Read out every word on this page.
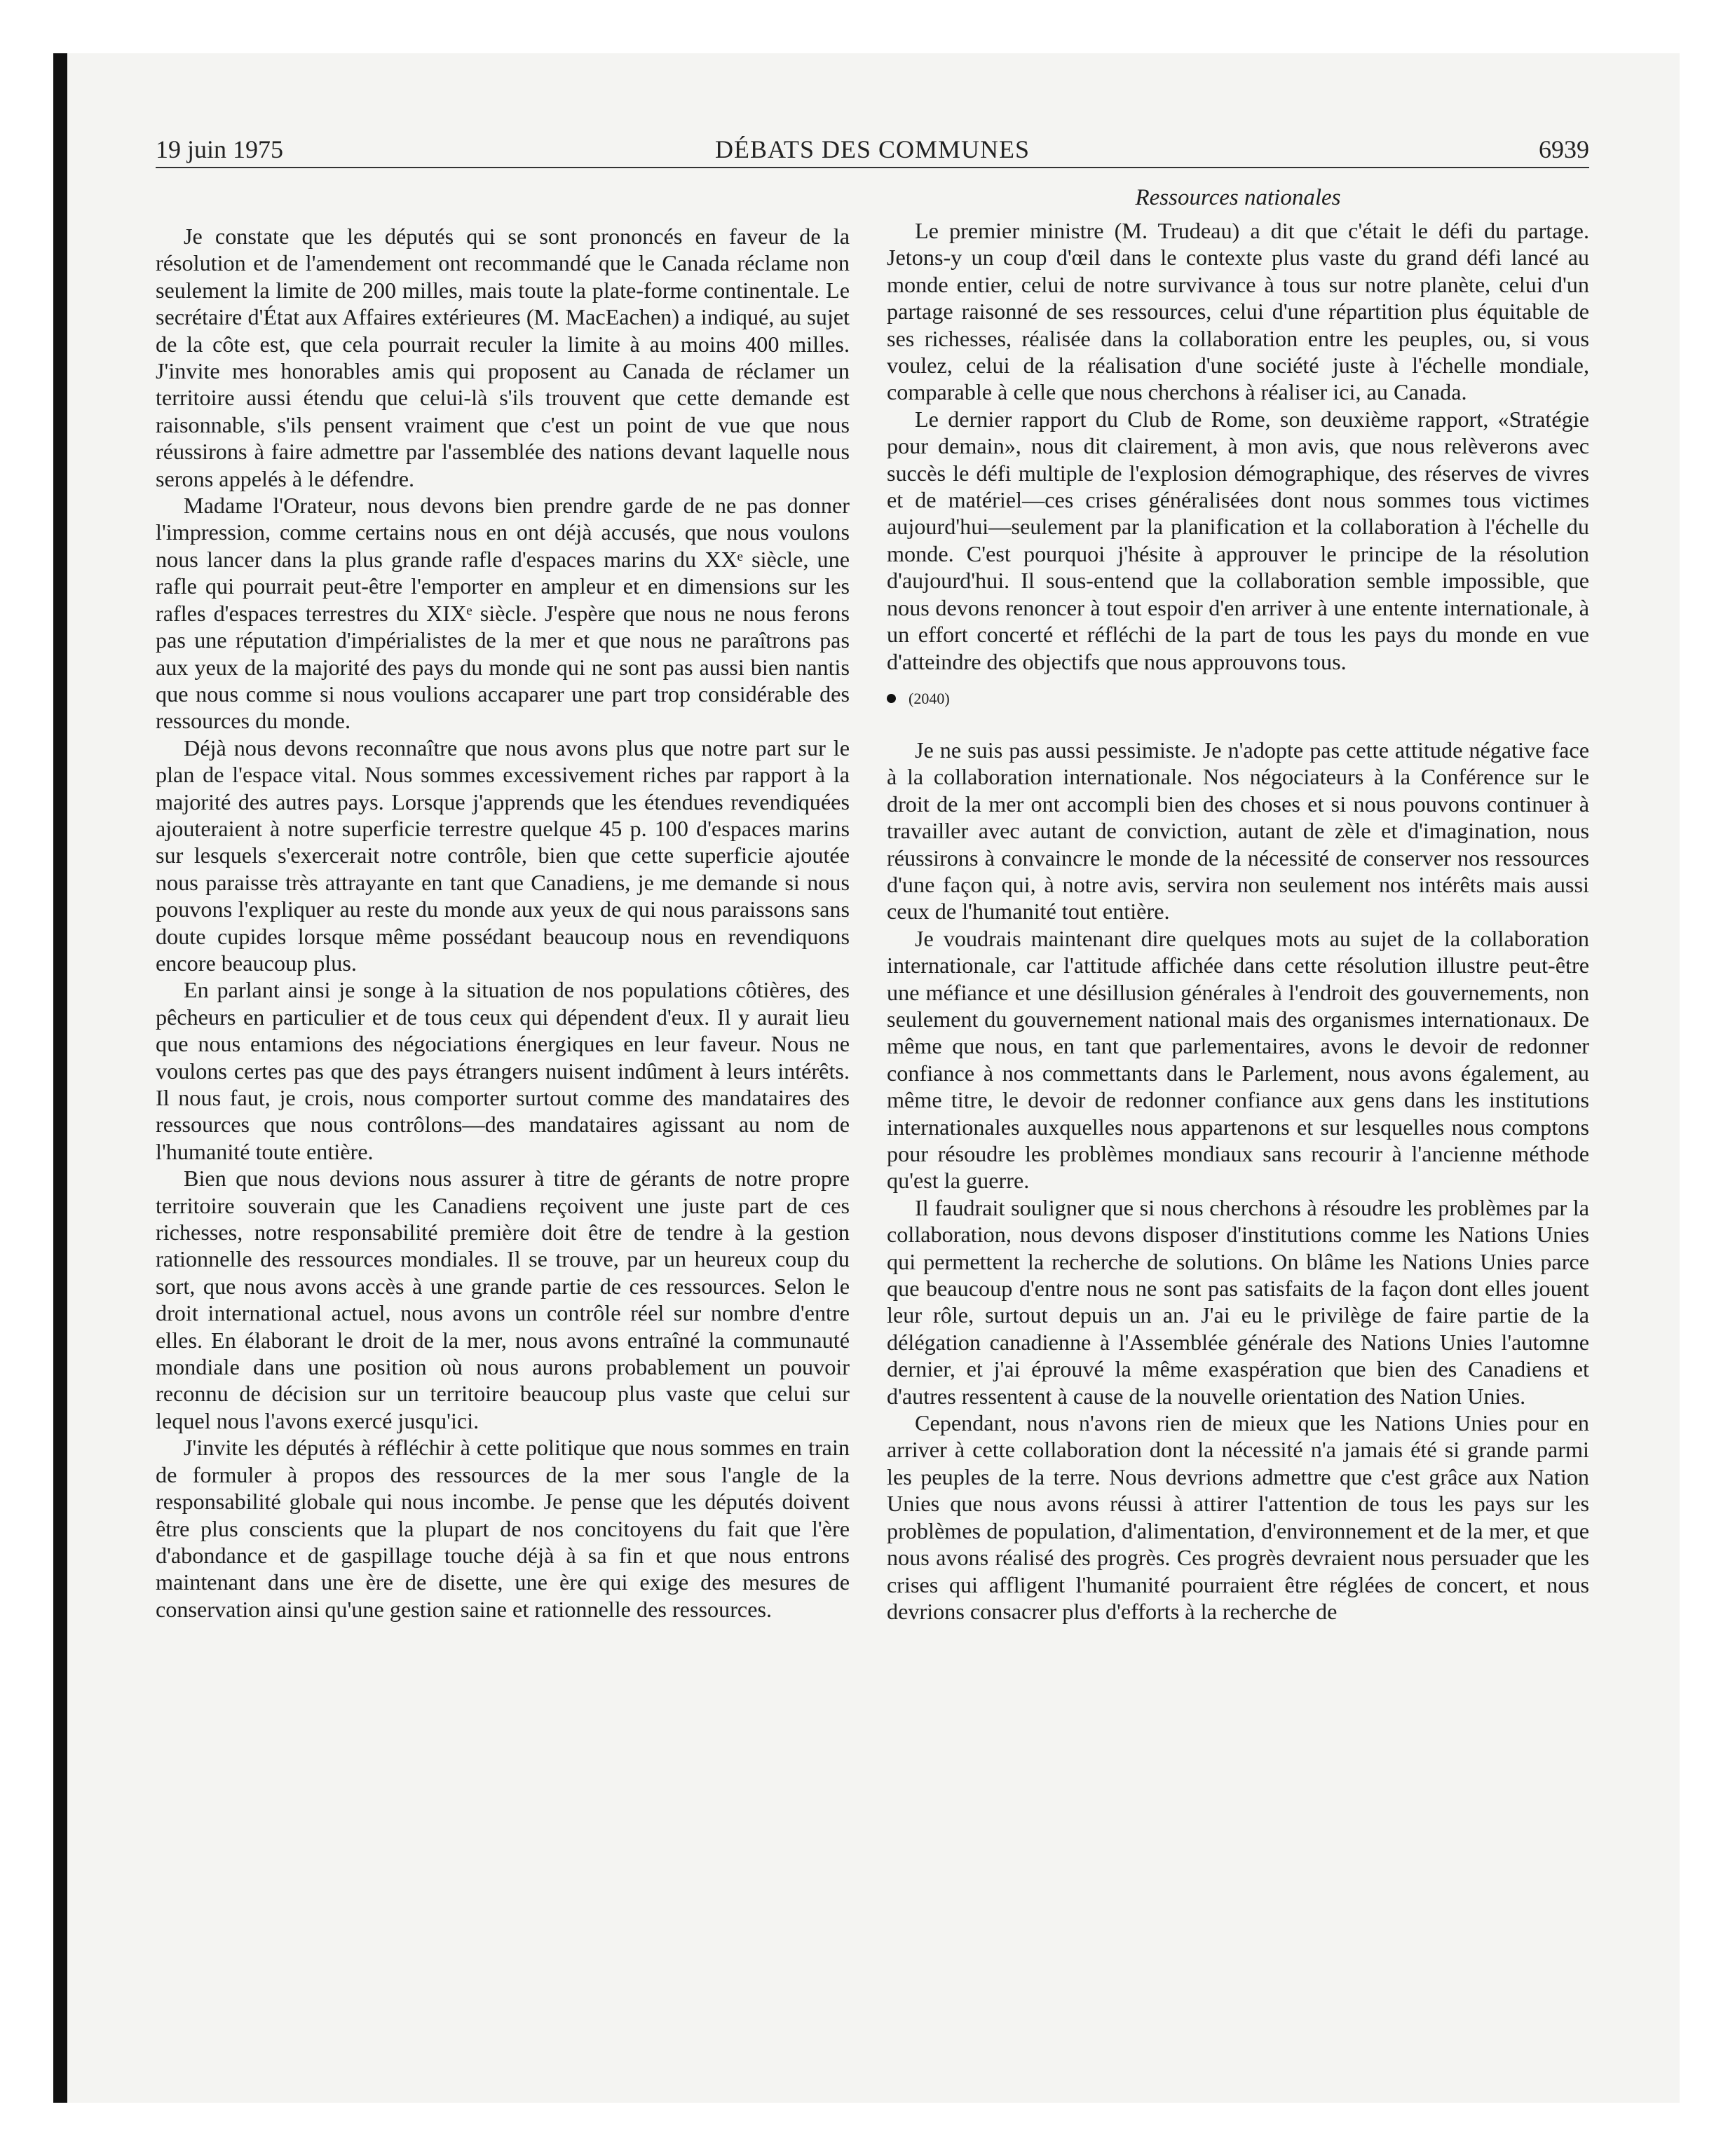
19 juin 1975	DÉBATS DES COMMUNES	6939

Je constate que les députés qui se sont prononcés en faveur de la résolution et de l'amendement ont recommandé que le Canada réclame non seulement la limite de 200 milles, mais toute la plate-forme continentale. Le secrétaire d'État aux Affaires extérieures (M. MacEachen) a indiqué, au sujet de la côte est, que cela pourrait reculer la limite à au moins 400 milles. J'invite mes honorables amis qui proposent au Canada de réclamer un territoire aussi étendu que celui-là s'ils trouvent que cette demande est raisonnable, s'ils pensent vraiment que c'est un point de vue que nous réussirons à faire admettre par l'assemblée des nations devant laquelle nous serons appelés à le défendre.

Madame l'Orateur, nous devons bien prendre garde de ne pas donner l'impression, comme certains nous en ont déjà accusés, que nous voulons nous lancer dans la plus grande rafle d'espaces marins du XXᵉ siècle, une rafle qui pourrait peut-être l'emporter en ampleur et en dimensions sur les rafles d'espaces terrestres du XIXᵉ siècle. J'espère que nous ne nous ferons pas une réputation d'impérialistes de la mer et que nous ne paraîtrons pas aux yeux de la majorité des pays du monde qui ne sont pas aussi bien nantis que nous comme si nous voulions accaparer une part trop considérable des ressources du monde.

Déjà nous devons reconnaître que nous avons plus que notre part sur le plan de l'espace vital. Nous sommes excessivement riches par rapport à la majorité des autres pays. Lorsque j'apprends que les étendues revendiquées ajouteraient à notre superficie terrestre quelque 45 p. 100 d'espaces marins sur lesquels s'exercerait notre contrôle, bien que cette superficie ajoutée nous paraisse très attrayante en tant que Canadiens, je me demande si nous pouvons l'expliquer au reste du monde aux yeux de qui nous paraissons sans doute cupides lorsque même possédant beaucoup nous en revendiquons encore beaucoup plus.

En parlant ainsi je songe à la situation de nos populations côtières, des pêcheurs en particulier et de tous ceux qui dépendent d'eux. Il y aurait lieu que nous entamions des négociations énergiques en leur faveur. Nous ne voulons certes pas que des pays étrangers nuisent indûment à leurs intérêts. Il nous faut, je crois, nous comporter surtout comme des mandataires des ressources que nous contrôlons—des mandataires agissant au nom de l'humanité toute entière.

Bien que nous devions nous assurer à titre de gérants de notre propre territoire souverain que les Canadiens reçoivent une juste part de ces richesses, notre responsabilité première doit être de tendre à la gestion rationnelle des ressources mondiales. Il se trouve, par un heureux coup du sort, que nous avons accès à une grande partie de ces ressources. Selon le droit international actuel, nous avons un contrôle réel sur nombre d'entre elles. En élaborant le droit de la mer, nous avons entraîné la communauté mondiale dans une position où nous aurons probablement un pouvoir reconnu de décision sur un territoire beaucoup plus vaste que celui sur lequel nous l'avons exercé jusqu'ici.

J'invite les députés à réfléchir à cette politique que nous sommes en train de formuler à propos des ressources de la mer sous l'angle de la responsabilité globale qui nous incombe. Je pense que les députés doivent être plus conscients que la plupart de nos concitoyens du fait que l'ère d'abondance et de gaspillage touche déjà à sa fin et que nous entrons maintenant dans une ère de disette, une ère qui exige des mesures de conservation ainsi qu'une gestion saine et rationnelle des ressources.

Ressources nationales

Le premier ministre (M. Trudeau) a dit que c'était le défi du partage. Jetons-y un coup d'œil dans le contexte plus vaste du grand défi lancé au monde entier, celui de notre survivance à tous sur notre planète, celui d'un partage raisonné de ses ressources, celui d'une répartition plus équitable de ses richesses, réalisée dans la collaboration entre les peuples, ou, si vous voulez, celui de la réalisation d'une société juste à l'échelle mondiale, comparable à celle que nous cherchons à réaliser ici, au Canada.

Le dernier rapport du Club de Rome, son deuxième rapport, «Stratégie pour demain», nous dit clairement, à mon avis, que nous relèverons avec succès le défi multiple de l'explosion démographique, des réserves de vivres et de matériel—ces crises généralisées dont nous sommes tous victimes aujourd'hui—seulement par la planification et la collaboration à l'échelle du monde. C'est pourquoi j'hésite à approuver le principe de la résolution d'aujourd'hui. Il sous-entend que la collaboration semble impossible, que nous devons renoncer à tout espoir d'en arriver à une entente internationale, à un effort concerté et réfléchi de la part de tous les pays du monde en vue d'atteindre des objectifs que nous approuvons tous.

(2040)

Je ne suis pas aussi pessimiste. Je n'adopte pas cette attitude négative face à la collaboration internationale. Nos négociateurs à la Conférence sur le droit de la mer ont accompli bien des choses et si nous pouvons continuer à travailler avec autant de conviction, autant de zèle et d'imagination, nous réussirons à convaincre le monde de la nécessité de conserver nos ressources d'une façon qui, à notre avis, servira non seulement nos intérêts mais aussi ceux de l'humanité tout entière.

Je voudrais maintenant dire quelques mots au sujet de la collaboration internationale, car l'attitude affichée dans cette résolution illustre peut-être une méfiance et une désillusion générales à l'endroit des gouvernements, non seulement du gouvernement national mais des organismes internationaux. De même que nous, en tant que parlementaires, avons le devoir de redonner confiance à nos commettants dans le Parlement, nous avons également, au même titre, le devoir de redonner confiance aux gens dans les institutions internationales auxquelles nous appartenons et sur lesquelles nous comptons pour résoudre les problèmes mondiaux sans recourir à l'ancienne méthode qu'est la guerre.

Il faudrait souligner que si nous cherchons à résoudre les problèmes par la collaboration, nous devons disposer d'institutions comme les Nations Unies qui permettent la recherche de solutions. On blâme les Nations Unies parce que beaucoup d'entre nous ne sont pas satisfaits de la façon dont elles jouent leur rôle, surtout depuis un an. J'ai eu le privilège de faire partie de la délégation canadienne à l'Assemblée générale des Nations Unies l'automne dernier, et j'ai éprouvé la même exaspération que bien des Canadiens et d'autres ressentent à cause de la nouvelle orientation des Nation Unies.

Cependant, nous n'avons rien de mieux que les Nations Unies pour en arriver à cette collaboration dont la nécessité n'a jamais été si grande parmi les peuples de la terre. Nous devrions admettre que c'est grâce aux Nation Unies que nous avons réussi à attirer l'attention de tous les pays sur les problèmes de population, d'alimentation, d'environnement et de la mer, et que nous avons réalisé des progrès. Ces progrès devraient nous persuader que les crises qui affligent l'humanité pourraient être réglées de concert, et nous devrions consacrer plus d'efforts à la recherche de
